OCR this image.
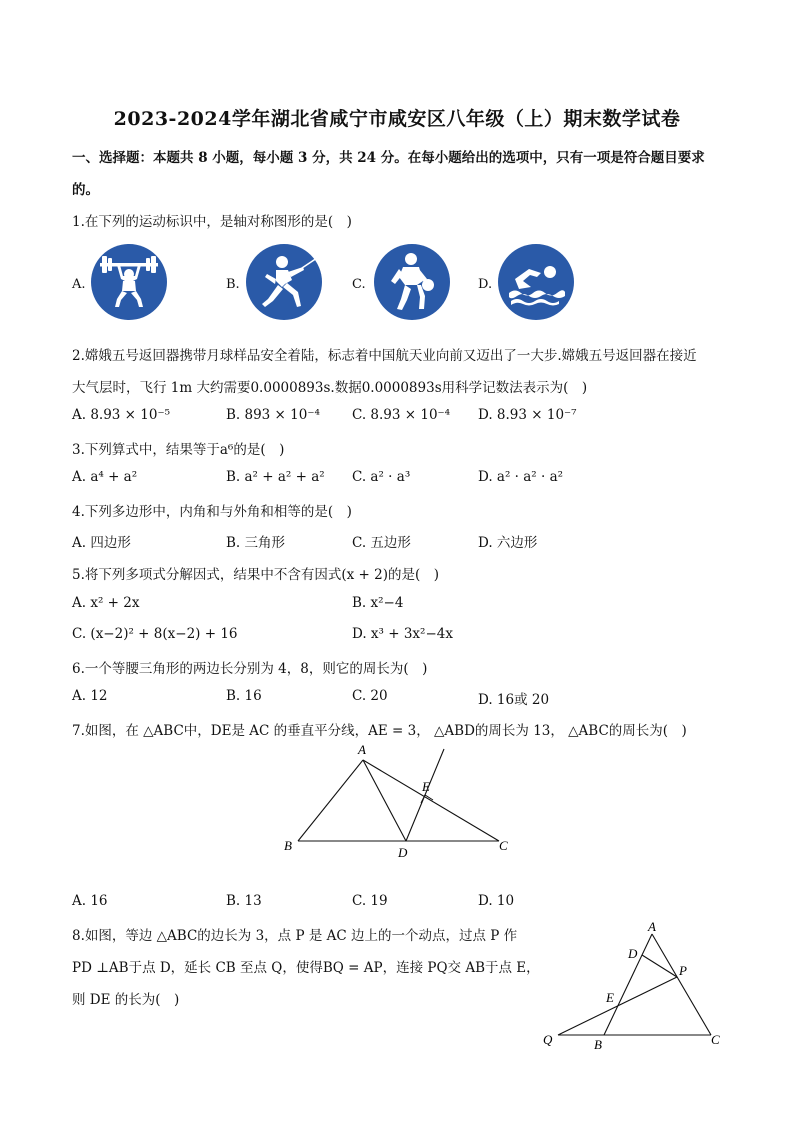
2023-2024学年湖北省咸宁市咸安区八年级（上）期末数学试卷
一、选择题：本题共 8 小题，每小题 3 分，共 24 分。在每小题给出的选项中，只有一项是符合题目要求
的。
1.在下列的运动标识中，是轴对称图形的是(　)
A.	B.	C.	D.
2.嫦娥五号返回器携带月球样品安全着陆，标志着中国航天业向前又迈出了一大步.嫦娥五号返回器在接近
大气层时，飞行 1m 大约需要0.0000893s.数据0.0000893s用科学记数法表示为(　)
A. 8.93 × 10⁻⁵	B. 893 × 10⁻⁴ C. 8.93 × 10⁻⁴ D. 8.93 × 10⁻⁷
3.下列算式中，结果等于a⁶的是(　)
A. a⁴ + a²	B. a² + a² + a² C. a² · a³	D. a² · a² · a²
4.下列多边形中，内角和与外角和相等的是(　)
A. 四边形	B. 三角形	C. 五边形	D. 六边形
5.将下列多项式分解因式，结果中不含有因式(x + 2)的是(　)
A. x² + 2x	B. x²−4
C. (x−2)² + 8(x−2) + 16	D. x³ + 3x²−4x
6.一个等腰三角形的两边长分别为 4，8，则它的周长为(　)
A. 12	B. 16	C. 20	D. 16或 20
7.如图，在 △ABC中，DE是 AC 的垂直平分线，AE = 3， △ABD的周长为 13， △ABC的周长为(　)
A
B	C
D
E
A. 16	B. 13	C. 19	D. 10
8.如图，等边 △ABC的边长为 3，点 P 是 AC 边上的一个动点，过点 P 作
PD ⊥AB于点 D，延长 CB 至点 Q，使得BQ = AP，连接 PQ交 AB于点 E，
则 DE 的长为(　)
A
D
P
E
Q	B	C
